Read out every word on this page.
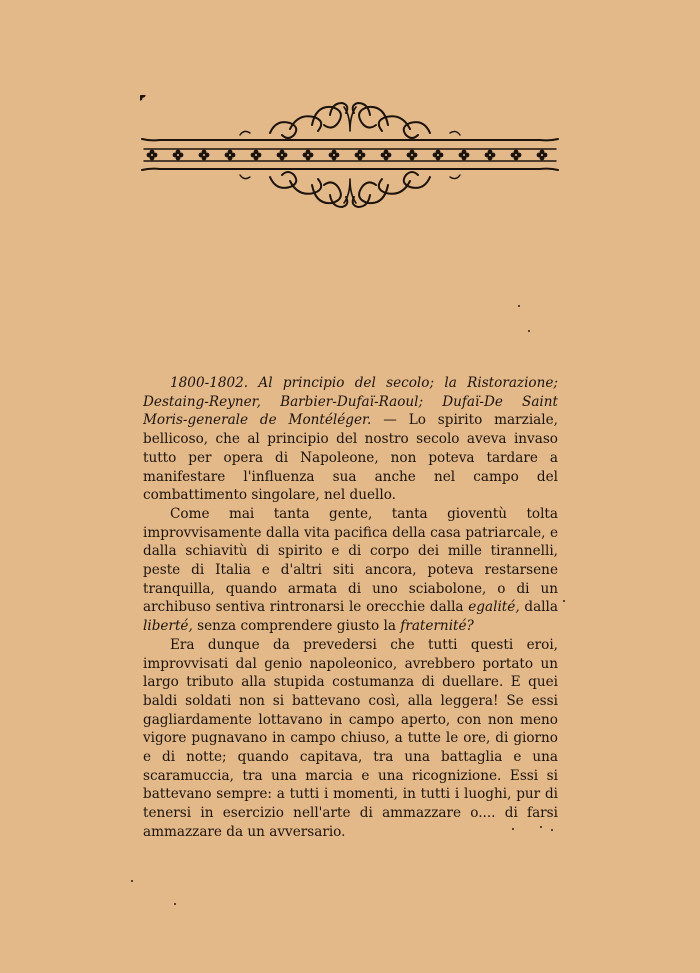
1800-1802. Al principio del secolo; la Ristorazione; Destaing-Reyner, Barbier-Dufaï-Raoul; Dufaï-De Saint Moris-generale de Montéléger. — Lo spirito marziale, bellicoso, che al principio del nostro secolo aveva invaso tutto per opera di Napoleone, non poteva tardare a manifestare l'influenza sua anche nel campo del combattimento singolare, nel duello.

Come mai tanta gente, tanta gioventù tolta improvvisamente dalla vita pacifica della casa patriarcale, e dalla schiavitù di spirito e di corpo dei mille tirannelli, peste di Italia e d'altri siti ancora, poteva restarsene tranquilla, quando armata di uno sciabolone, o di un archibuso sentiva rintronarsi le orecchie dalla egalité, dalla liberté, senza comprendere giusto la fraternité?

Era dunque da prevedersi che tutti questi eroi, improvvisati dal genio napoleonico, avrebbero portato un largo tributo alla stupida costumanza di duellare. E quei baldi soldati non si battevano così, alla leggera! Se essi gagliardamente lottavano in campo aperto, con non meno vigore pugnavano in campo chiuso, a tutte le ore, di giorno e di notte; quando capitava, tra una battaglia e una scaramuccia, tra una marcia e una ricognizione. Essi si battevano sempre: a tutti i momenti, in tutti i luoghi, pur di tenersi in esercizio nell'arte di ammazzare o.... di farsi ammazzare da un avversario.
